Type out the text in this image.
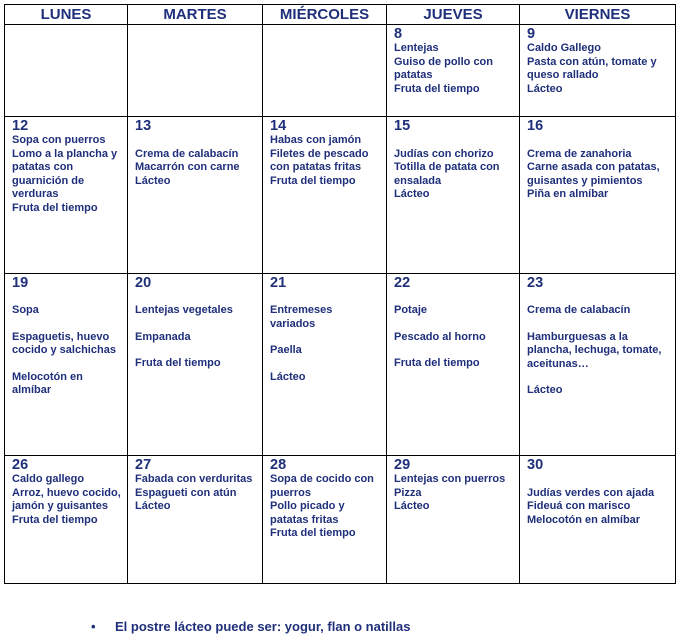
LUNES	MARTES	MIÉRCOLES	JUEVES	VIERNES

			8
Lentejas
Guiso de pollo con patatas
Fruta del tiempo	9
Caldo Gallego
Pasta con atún, tomate y queso rallado
Lácteo

12
Sopa con puerros
Lomo a la plancha y patatas con guarnición de verduras
Fruta del tiempo	13
Crema de calabacín
Macarrón con carne
Lácteo	14
Habas con jamón
Filetes de pescado con patatas fritas
Fruta del tiempo	15
Judías con chorizo
Totilla de patata con ensalada
Lácteo	16
Crema de zanahoria
Carne asada con patatas, guisantes y pimientos
Piña en almíbar

19
Sopa
Espaguetis, huevo cocido y salchichas
Melocotón en almíbar	20
Lentejas vegetales
Empanada
Fruta del tiempo	21
Entremeses variados
Paella
Lácteo	22
Potaje
Pescado al horno
Fruta del tiempo	23
Crema de calabacín
Hamburguesas a la plancha, lechuga, tomate, aceitunas…
Lácteo

26
Caldo gallego
Arroz, huevo cocido, jamón y guisantes
Fruta del tiempo	27
Fabada con verduritas
Espagueti con atún
Lácteo	28
Sopa de cocido con puerros
Pollo picado y patatas fritas
Fruta del tiempo	29
Lentejas con puerros
Pizza
Lácteo	30
Judías verdes con ajada
Fideuá con marisco
Melocotón en almíbar
• El postre lácteo puede ser: yogur, flan o natillas
